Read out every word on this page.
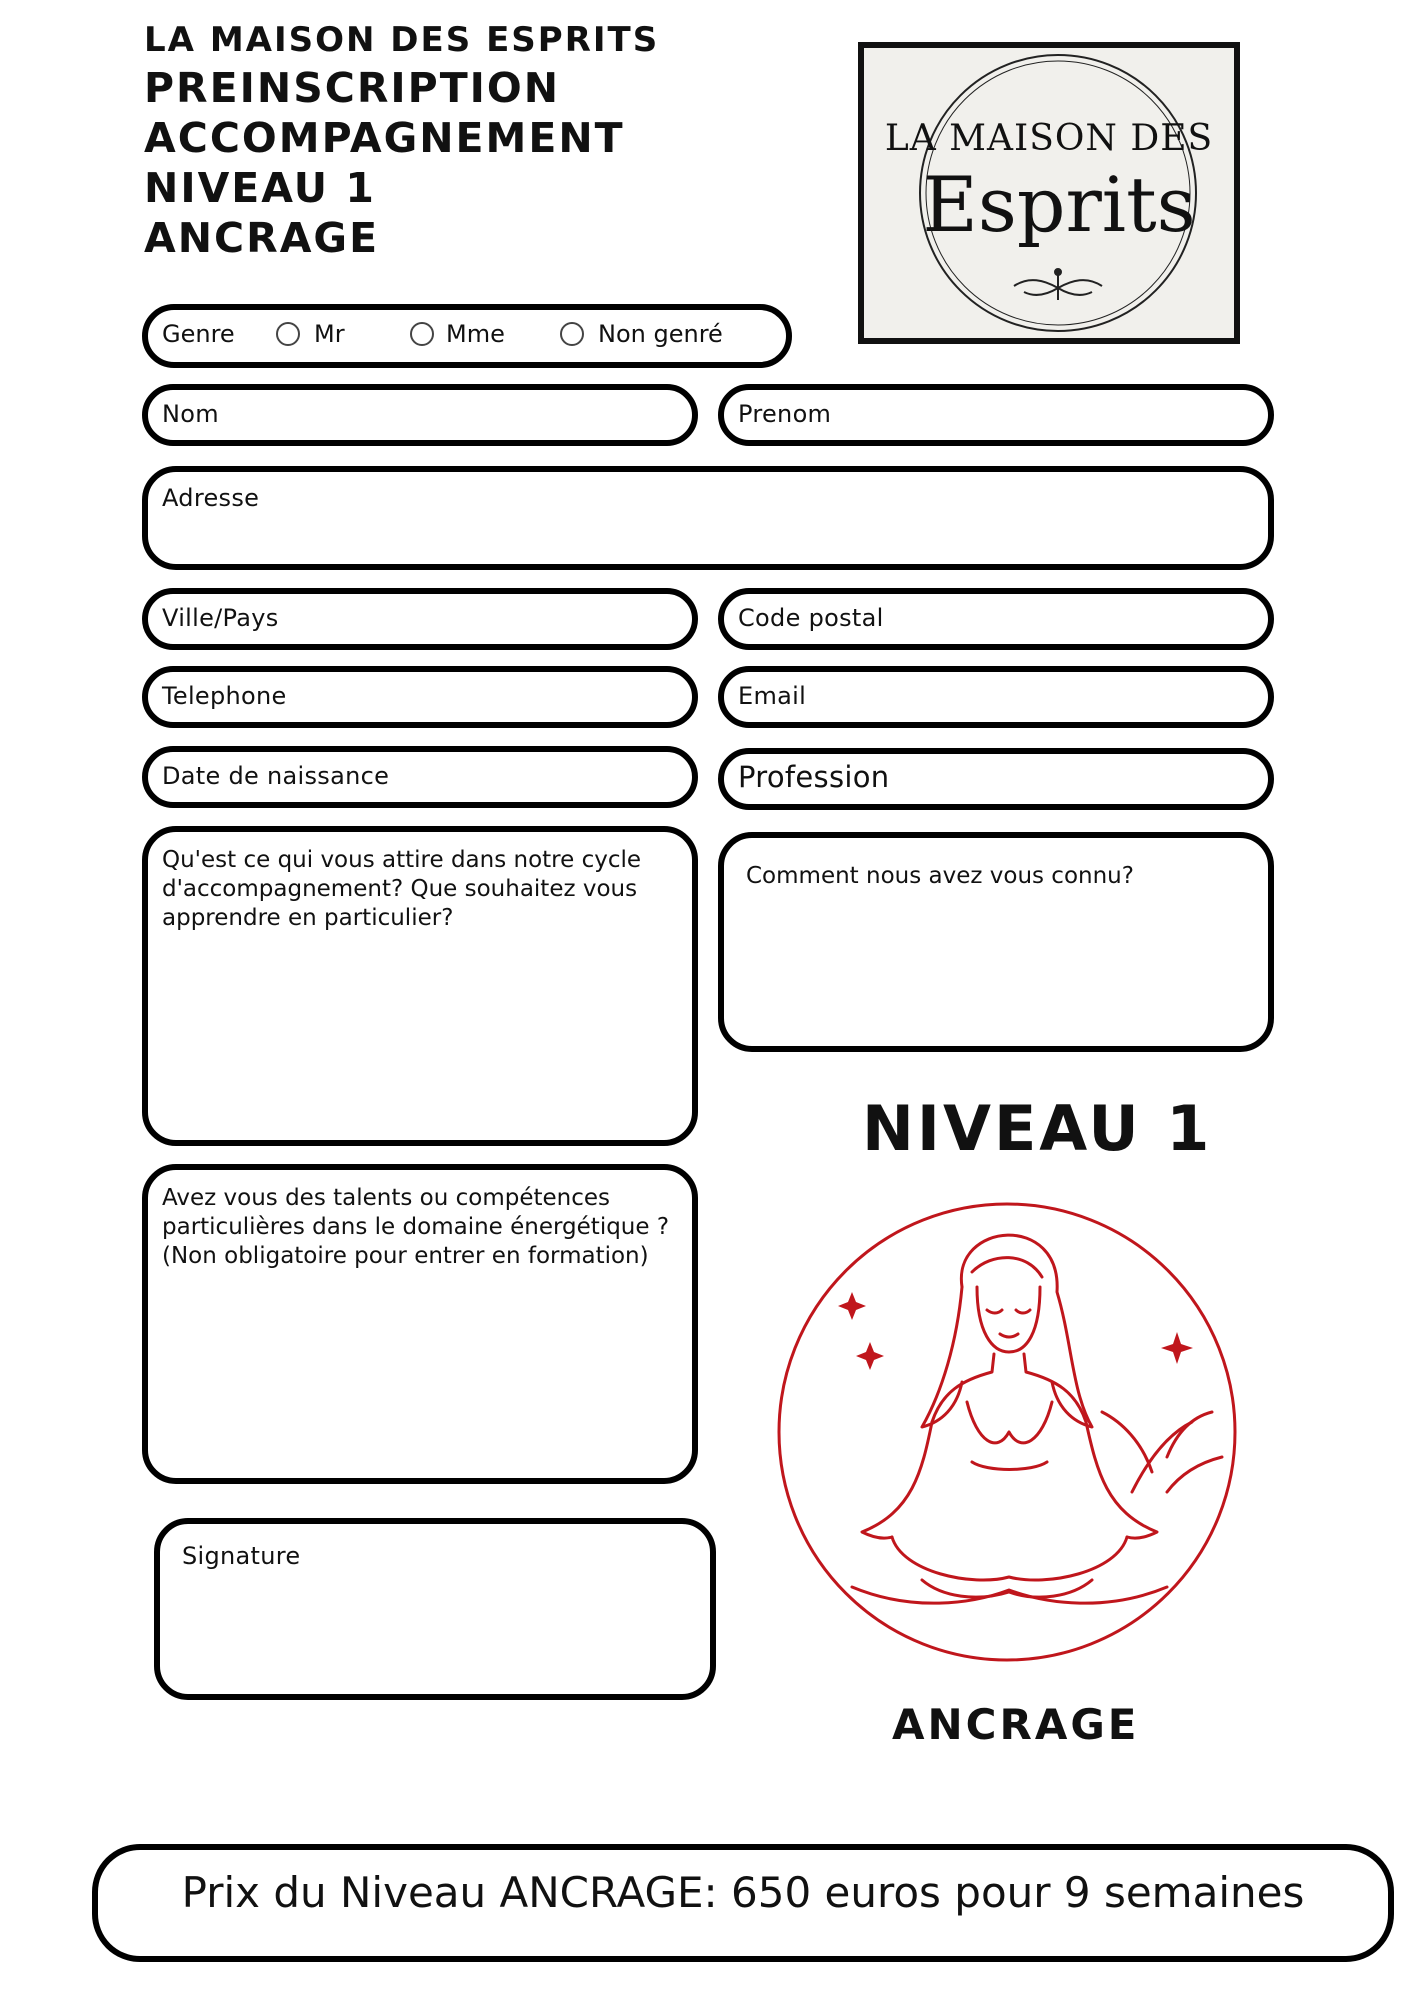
LA MAISON DES ESPRITS
PREINSCRIPTION
ACCOMPAGNEMENT
NIVEAU 1
ANCRAGE
LA MAISON DES
Esprits
Genre	Mr	Mme	Non genré
Nom	Prenom
Adresse
Ville/Pays	Code postal
Telephone	Email
Date de naissance	Profession
Qu'est ce qui vous attire dans notre cycle d'accompagnement? Que souhaitez vous apprendre en particulier?
Comment nous avez vous connu?
Avez vous des talents ou compétences particulières dans le domaine énergétique ? (Non obligatoire pour entrer en formation)
Signature
NIVEAU 1
ANCRAGE
Prix du Niveau ANCRAGE: 650 euros pour 9 semaines
